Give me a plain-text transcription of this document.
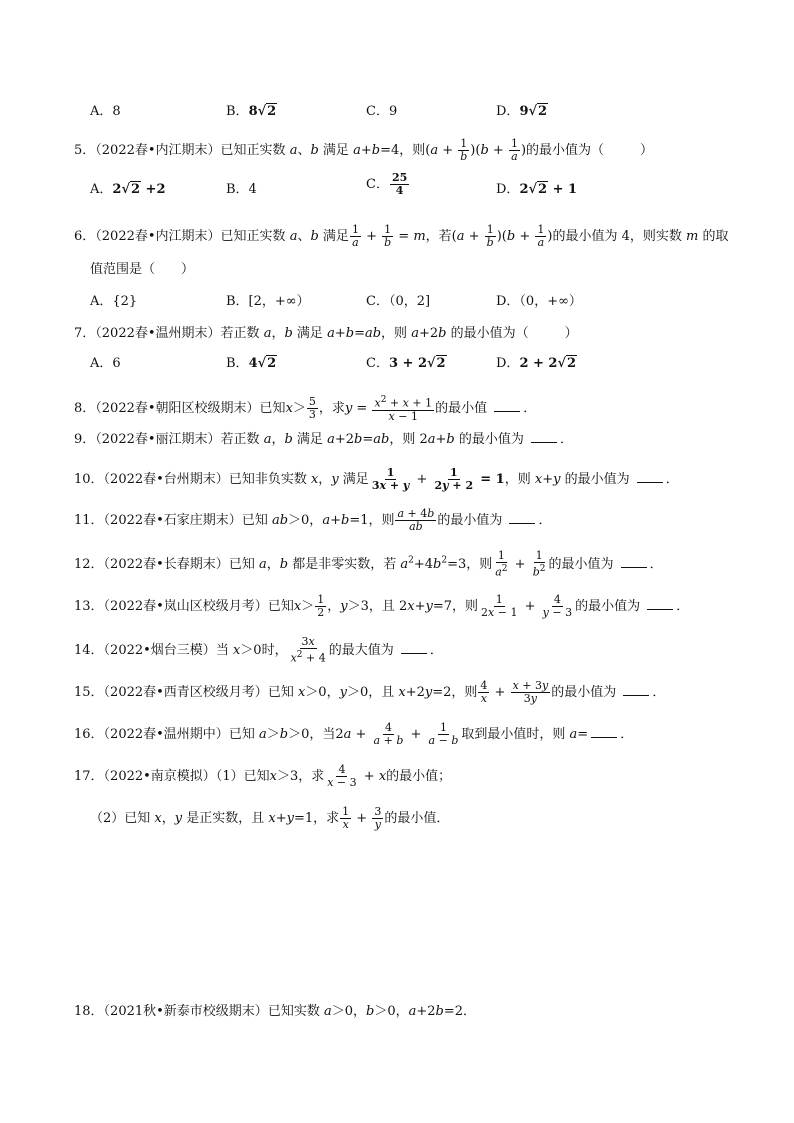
A．8	B．8√2	C．9	D．9√2
5．（2022春•内江期末）已知正实数 a、b 满足 a+b=4，则$(a + \frac{1}{b} )(b + \frac{1}{a}$ )的最小值为（	）
A．2√2 +2	B．4	C． $\frac{25}{4}$	D．2√2 + 1
6．（2022春•内江期末）已知正实数 a、b 满足 $\frac{1}{a} + \frac{1}{b} = m$，若$(a + \frac{1}{b} )(b + \frac{1}{a}$ )的最小值为 4，则实数 m 的取
值范围是（　　）
A．{2}	B．[2，+∞）	C．（0，2]	D．（0，+∞）
7．（2022春•温州期末）若正数 a，b 满足 a+b=ab，则 a+2b 的最小值为（	）
A．6	B．4√2	C．3 + 2√2	D．2 + 2√2
8．（2022春•朝阳区校级期末）已知$x> \frac{5}{3}$ ，求$y = \frac{x^2 + x + 1}{x - 1}$ 的最小值 ．
9．（2022春•丽江期末）若正数 a，b 满足 a+2b=ab，则 2a+b 的最小值为 ．
10．（2022春•台州期末）已知非负实数 x，y 满足 $\frac{1}{3x + y} + \frac{1}{2y + 2} = 1$，则 x+y 的最小值为 ．
11．（2022春•石家庄期末）已知 ab＞0，a+b=1，则 $\frac{a + 4b}{ab}$ 的最小值为 ．
12．（2022春•长春期末）已知 a，b 都是非零实数，若 $a^2+4b^2=3$，则 $\frac{1}{a^2} + \frac{1}{b^2}$ 的最小值为 ．
13．（2022春•岚山区校级月考）已知$x> \frac{1}{2}$ ，y＞3，且 2x+y=7，则 $\frac{1}{2x - 1} + \frac{4}{y - 3}$ 的最小值为 ．
14．（2022•烟台三模）当 x＞0时， $\frac{3x}{x^2 + 4}$ 的最大值为 ．
15．（2022春•西青区校级月考）已知 x＞0，y＞0，且 x+2y=2，则 $\frac{4}{x} + \frac{x + 3y}{3y}$ 的最小值为 ．
16．（2022春•温州期中）已知 a＞b＞0，当$2a + \frac{4}{a + b} + \frac{1}{a - b}$ 取到最小值时，则 a= ．
17．（2022•南京模拟）（1）已知x＞3，求 $\frac{4}{x - 3} + x$的最小值；
（2）已知 x，y 是正实数，且 x+y=1，求 $\frac{1}{x} + \frac{3}{y}$ 的最小值．
18．（2021秋•新泰市校级期末）已知实数 a＞0，b＞0，a+2b=2．
